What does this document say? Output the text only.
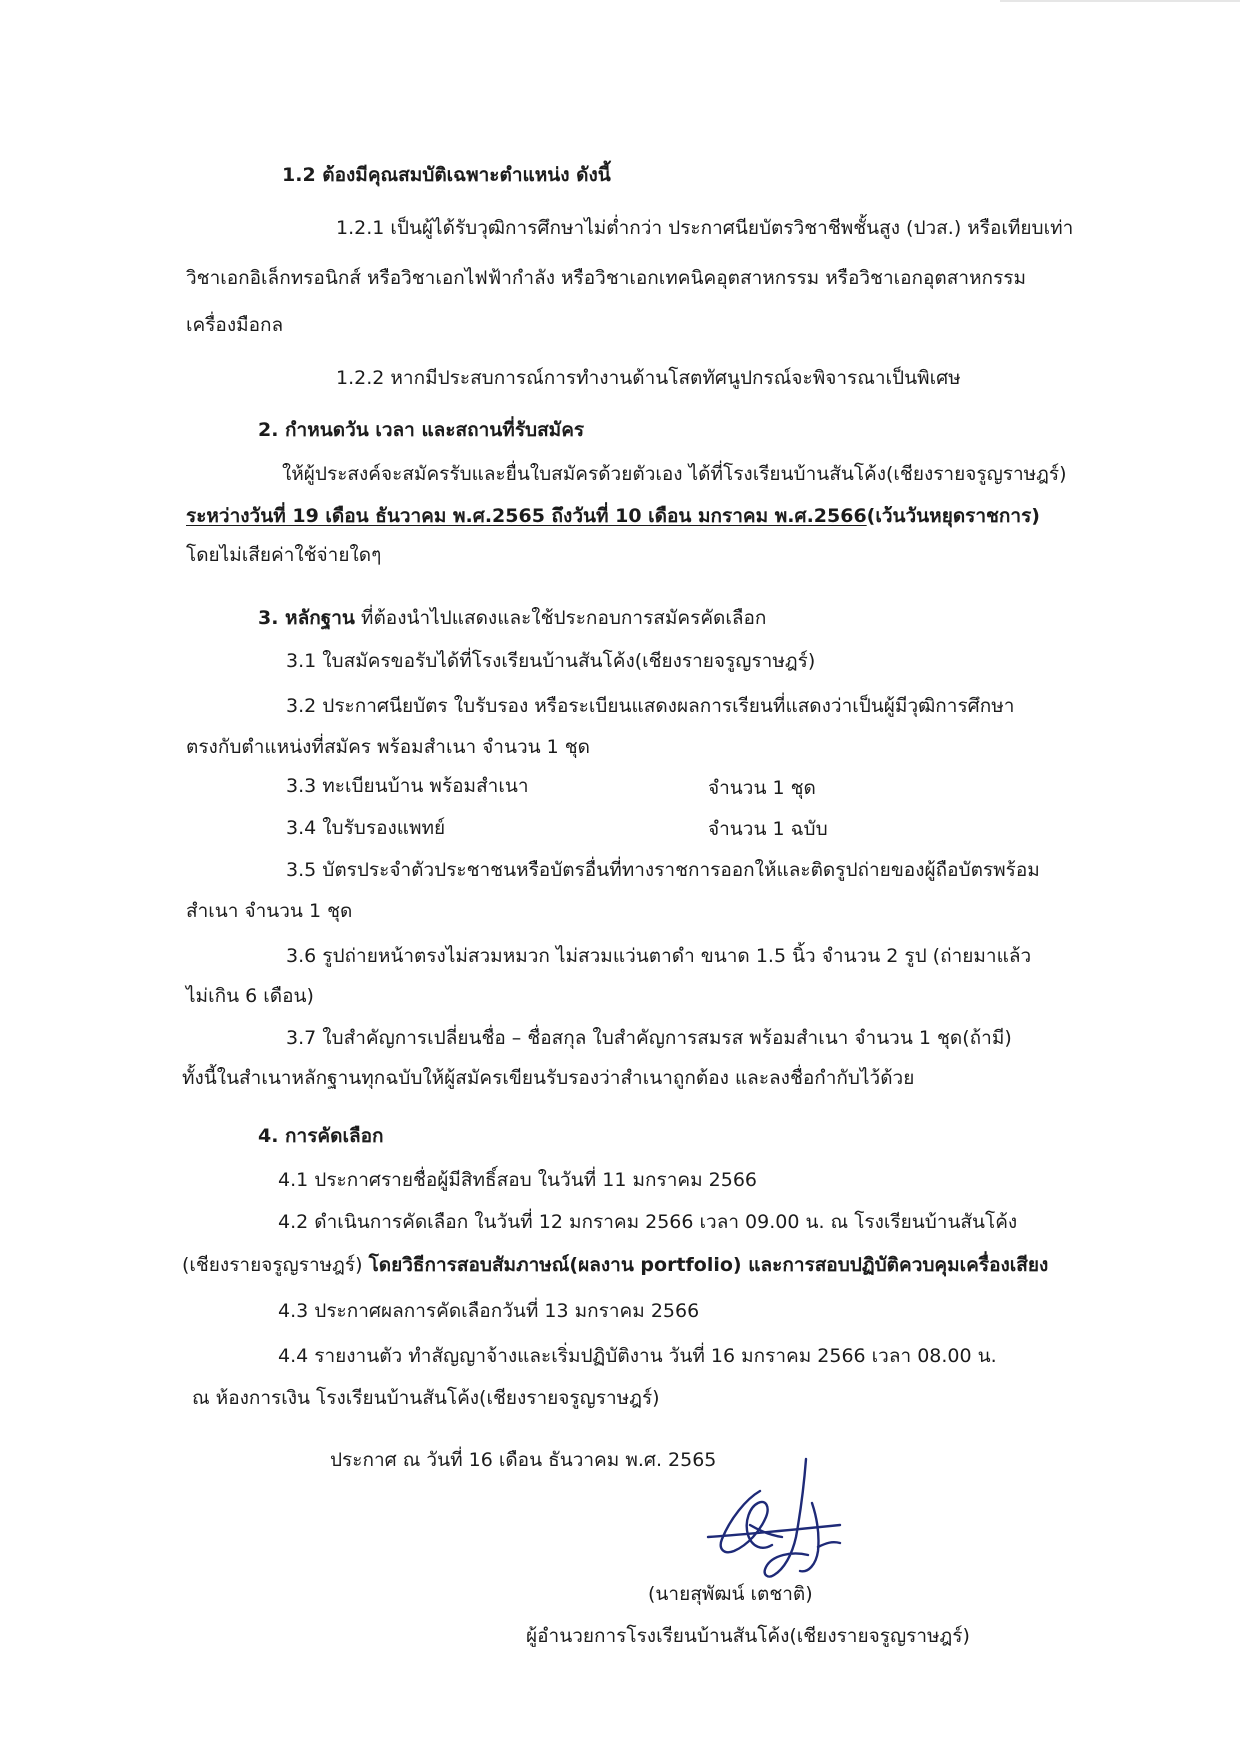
1.2 ต้องมีคุณสมบัติเฉพาะตำแหน่ง ดังนี้
1.2.1 เป็นผู้ได้รับวุฒิการศึกษาไม่ต่ำกว่า ประกาศนียบัตรวิชาชีพชั้นสูง (ปวส.) หรือเทียบเท่า
วิชาเอกอิเล็กทรอนิกส์ หรือวิชาเอกไฟฟ้ากำลัง หรือวิชาเอกเทคนิคอุตสาหกรรม หรือวิชาเอกอุตสาหกรรม
เครื่องมือกล
1.2.2 หากมีประสบการณ์การทำงานด้านโสตทัศนูปกรณ์จะพิจารณาเป็นพิเศษ
2. กำหนดวัน เวลา และสถานที่รับสมัคร
ให้ผู้ประสงค์จะสมัครรับและยื่นใบสมัครด้วยตัวเอง ได้ที่โรงเรียนบ้านสันโค้ง(เชียงรายจรูญราษฎร์)
ระหว่างวันที่ 19 เดือน ธันวาคม พ.ศ.2565 ถึงวันที่ 10 เดือน มกราคม พ.ศ.2566(เว้นวันหยุดราชการ)
โดยไม่เสียค่าใช้จ่ายใดๆ
3. หลักฐาน ที่ต้องนำไปแสดงและใช้ประกอบการสมัครคัดเลือก
3.1 ใบสมัครขอรับได้ที่โรงเรียนบ้านสันโค้ง(เชียงรายจรูญราษฎร์)
3.2 ประกาศนียบัตร ใบรับรอง หรือระเบียนแสดงผลการเรียนที่แสดงว่าเป็นผู้มีวุฒิการศึกษา
ตรงกับตำแหน่งที่สมัคร พร้อมสำเนา จำนวน 1 ชุด
3.3 ทะเบียนบ้าน พร้อมสำเนา	จำนวน 1 ชุด
3.4 ใบรับรองแพทย์	จำนวน 1 ฉบับ
3.5 บัตรประจำตัวประชาชนหรือบัตรอื่นที่ทางราชการออกให้และติดรูปถ่ายของผู้ถือบัตรพร้อม
สำเนา จำนวน 1 ชุด
3.6 รูปถ่ายหน้าตรงไม่สวมหมวก ไม่สวมแว่นตาดำ ขนาด 1.5 นิ้ว จำนวน 2 รูป (ถ่ายมาแล้ว
ไม่เกิน 6 เดือน)
3.7 ใบสำคัญการเปลี่ยนชื่อ – ชื่อสกุล ใบสำคัญการสมรส พร้อมสำเนา จำนวน 1 ชุด(ถ้ามี)
ทั้งนี้ในสำเนาหลักฐานทุกฉบับให้ผู้สมัครเขียนรับรองว่าสำเนาถูกต้อง และลงชื่อกำกับไว้ด้วย
4. การคัดเลือก
4.1 ประกาศรายชื่อผู้มีสิทธิ์สอบ ในวันที่ 11 มกราคม 2566
4.2 ดำเนินการคัดเลือก ในวันที่ 12 มกราคม 2566 เวลา 09.00 น. ณ โรงเรียนบ้านสันโค้ง
(เชียงรายจรูญราษฎร์) โดยวิธีการสอบสัมภาษณ์(ผลงาน portfolio) และการสอบปฏิบัติควบคุมเครื่องเสียง
4.3 ประกาศผลการคัดเลือกวันที่ 13 มกราคม 2566
4.4 รายงานตัว ทำสัญญาจ้างและเริ่มปฏิบัติงาน วันที่ 16 มกราคม 2566 เวลา 08.00 น.
ณ ห้องการเงิน โรงเรียนบ้านสันโค้ง(เชียงรายจรูญราษฎร์)
ประกาศ ณ วันที่ 16 เดือน ธันวาคม พ.ศ. 2565
(นายสุพัฒน์ เตชาติ)
ผู้อำนวยการโรงเรียนบ้านสันโค้ง(เชียงรายจรูญราษฎร์)
